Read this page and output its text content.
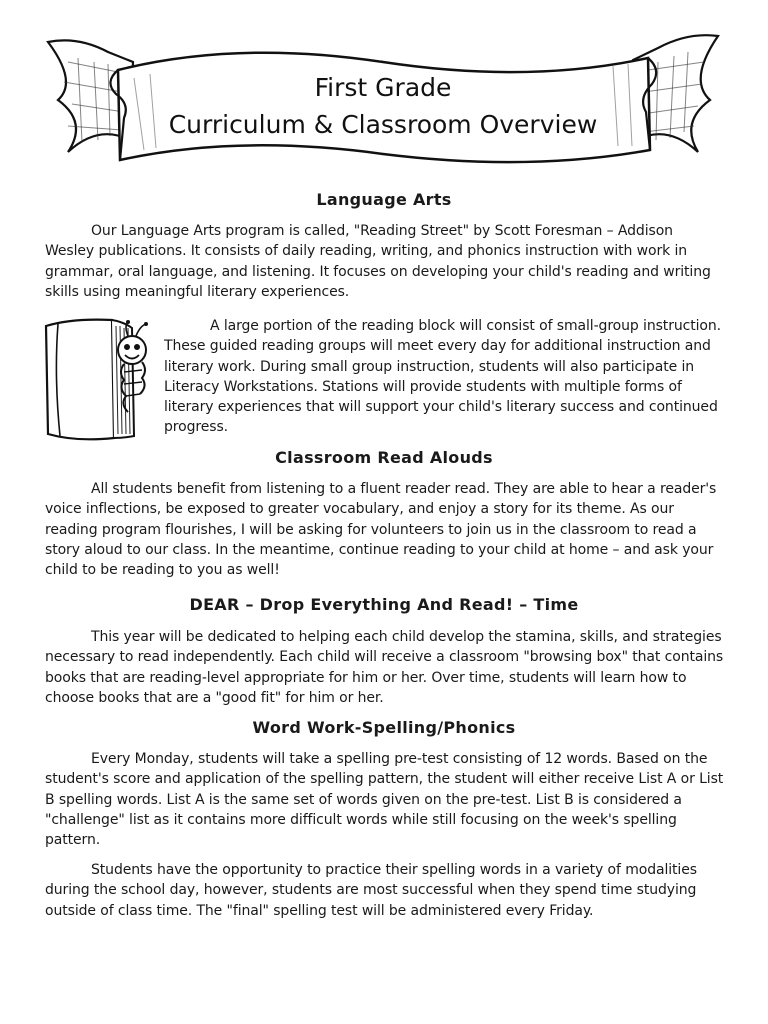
First Grade
Curriculum & Classroom Overview
Language Arts

Our Language Arts program is called, "Reading Street" by Scott Foresman – Addison Wesley publications. It consists of daily reading, writing, and phonics instruction with work in grammar, oral language, and listening. It focuses on developing your child's reading and writing skills using meaningful literary experiences.

A large portion of the reading block will consist of small-group instruction. These guided reading groups will meet every day for additional instruction and literary work. During small group instruction, students will also participate in Literacy Workstations. Stations will provide students with multiple forms of literary experiences that will support your child's literary success and continued progress.

Classroom Read Alouds

All students benefit from listening to a fluent reader read. They are able to hear a reader's voice inflections, be exposed to greater vocabulary, and enjoy a story for its theme. As our reading program flourishes, I will be asking for volunteers to join us in the classroom to read a story aloud to our class. In the meantime, continue reading to your child at home – and ask your child to be reading to you as well!

DEAR – Drop Everything And Read! – Time

This year will be dedicated to helping each child develop the stamina, skills, and strategies necessary to read independently. Each child will receive a classroom "browsing box" that contains books that are reading-level appropriate for him or her. Over time, students will learn how to choose books that are a "good fit" for him or her.

Word Work-Spelling/Phonics

Every Monday, students will take a spelling pre-test consisting of 12 words. Based on the student's score and application of the spelling pattern, the student will either receive List A or List B spelling words. List A is the same set of words given on the pre-test. List B is considered a "challenge" list as it contains more difficult words while still focusing on the week's spelling pattern.

Students have the opportunity to practice their spelling words in a variety of modalities during the school day, however, students are most successful when they spend time studying outside of class time. The "final" spelling test will be administered every Friday.
